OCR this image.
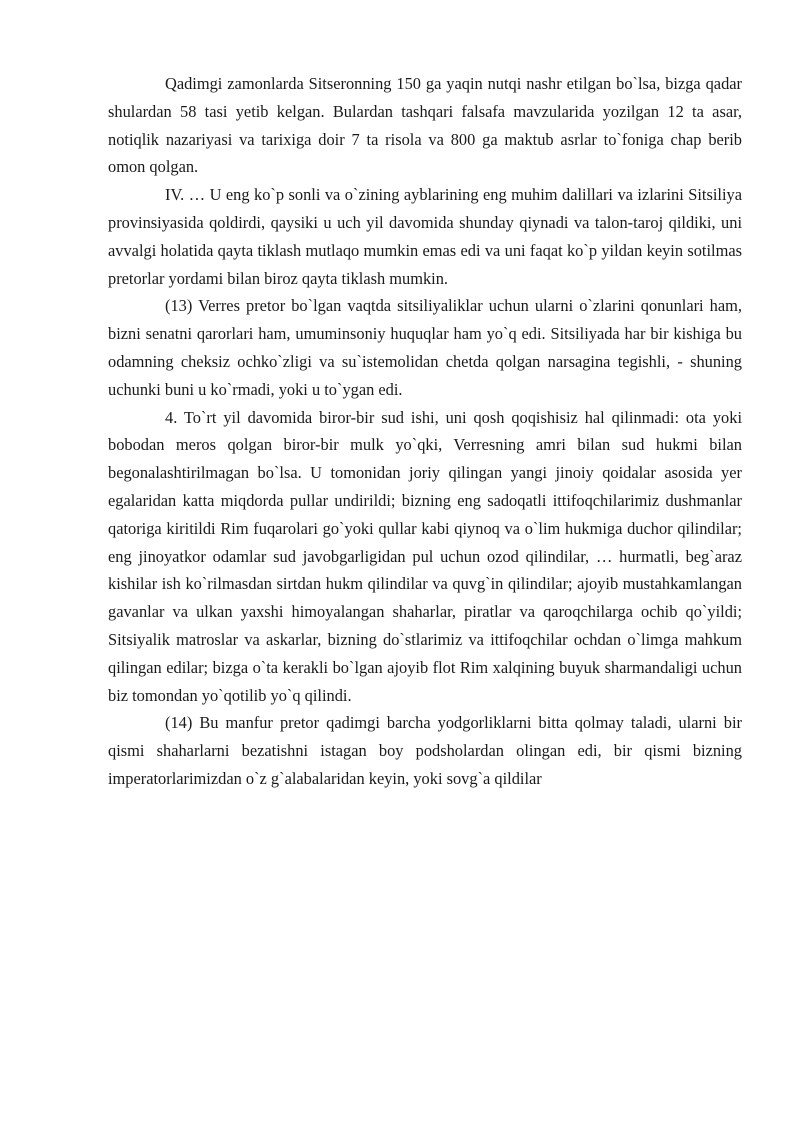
Qadimgi zamonlarda Sitseronning 150 ga yaqin nutqi nashr etilgan bo`lsa, bizga qadar shulardan 58 tasi yetib kelgan. Bulardan tashqari falsafa mavzularida yozilgan 12 ta asar, notiqlik nazariyasi va tarixiga doir 7 ta risola va 800 ga maktub asrlar to`foniga chap berib omon qolgan.

IV. … U eng ko`p sonli va o`zining ayblarining eng muhim dalillari va izlarini Sitsiliya provinsiyasida qoldirdi, qaysiki u uch yil davomida shunday qiynadi va talon-taroj qildiki, uni avvalgi holatida qayta tiklash mutlaqo mumkin emas edi va uni faqat ko`p yildan keyin sotilmas pretorlar yordami bilan biroz qayta tiklash mumkin.

(13) Verres pretor bo`lgan vaqtda sitsiliyaliklar uchun ularni o`zlarini qonunlari ham, bizni senatni qarorlari ham, umuminsoniy huquqlar ham yo`q edi. Sitsiliyada har bir kishiga bu odamning cheksiz ochko`zligi va su`istemolidan chetda qolgan narsagina tegishli, - shuning uchunki buni u ko`rmadi, yoki u to`ygan edi.

4. To`rt yil davomida biror-bir sud ishi, uni qosh qoqishisiz hal qilinmadi: ota yoki bobodan meros qolgan biror-bir mulk yo`qki, Verresning amri bilan sud hukmi bilan begonalashtirilmagan bo`lsa. U tomonidan joriy qilingan yangi jinoiy qoidalar asosida yer egalaridan katta miqdorda pullar undirildi; bizning eng sadoqatli ittifoqchilarimiz dushmanlar qatoriga kiritildi Rim fuqarolari go`yoki qullar kabi qiynoq va o`lim hukmiga duchor qilindilar; eng jinoyatkor odamlar sud javobgarligidan pul uchun ozod qilindilar, … hurmatli, beg`araz kishilar ish ko`rilmasdan sirtdan hukm qilindilar va quvg`in qilindilar; ajoyib mustahkamlangan gavanlar va ulkan yaxshi himoyalangan shaharlar, piratlar va qaroqchilarga ochib qo`yildi; Sitsiyalik matroslar va askarlar, bizning do`stlarimiz va ittifoqchilar ochdan o`limga mahkum qilingan edilar; bizga o`ta kerakli bo`lgan ajoyib flot Rim xalqining buyuk sharmandaligi uchun biz tomondan yo`qotilib yo`q qilindi.

(14) Bu manfur pretor qadimgi barcha yodgorliklarni bitta qolmay taladi, ularni bir qismi shaharlarni bezatishni istagan boy podsholardan olingan edi, bir qismi bizning imperatorlarimizdan o`z g`alabalaridan keyin, yoki sovg`a qildilar
